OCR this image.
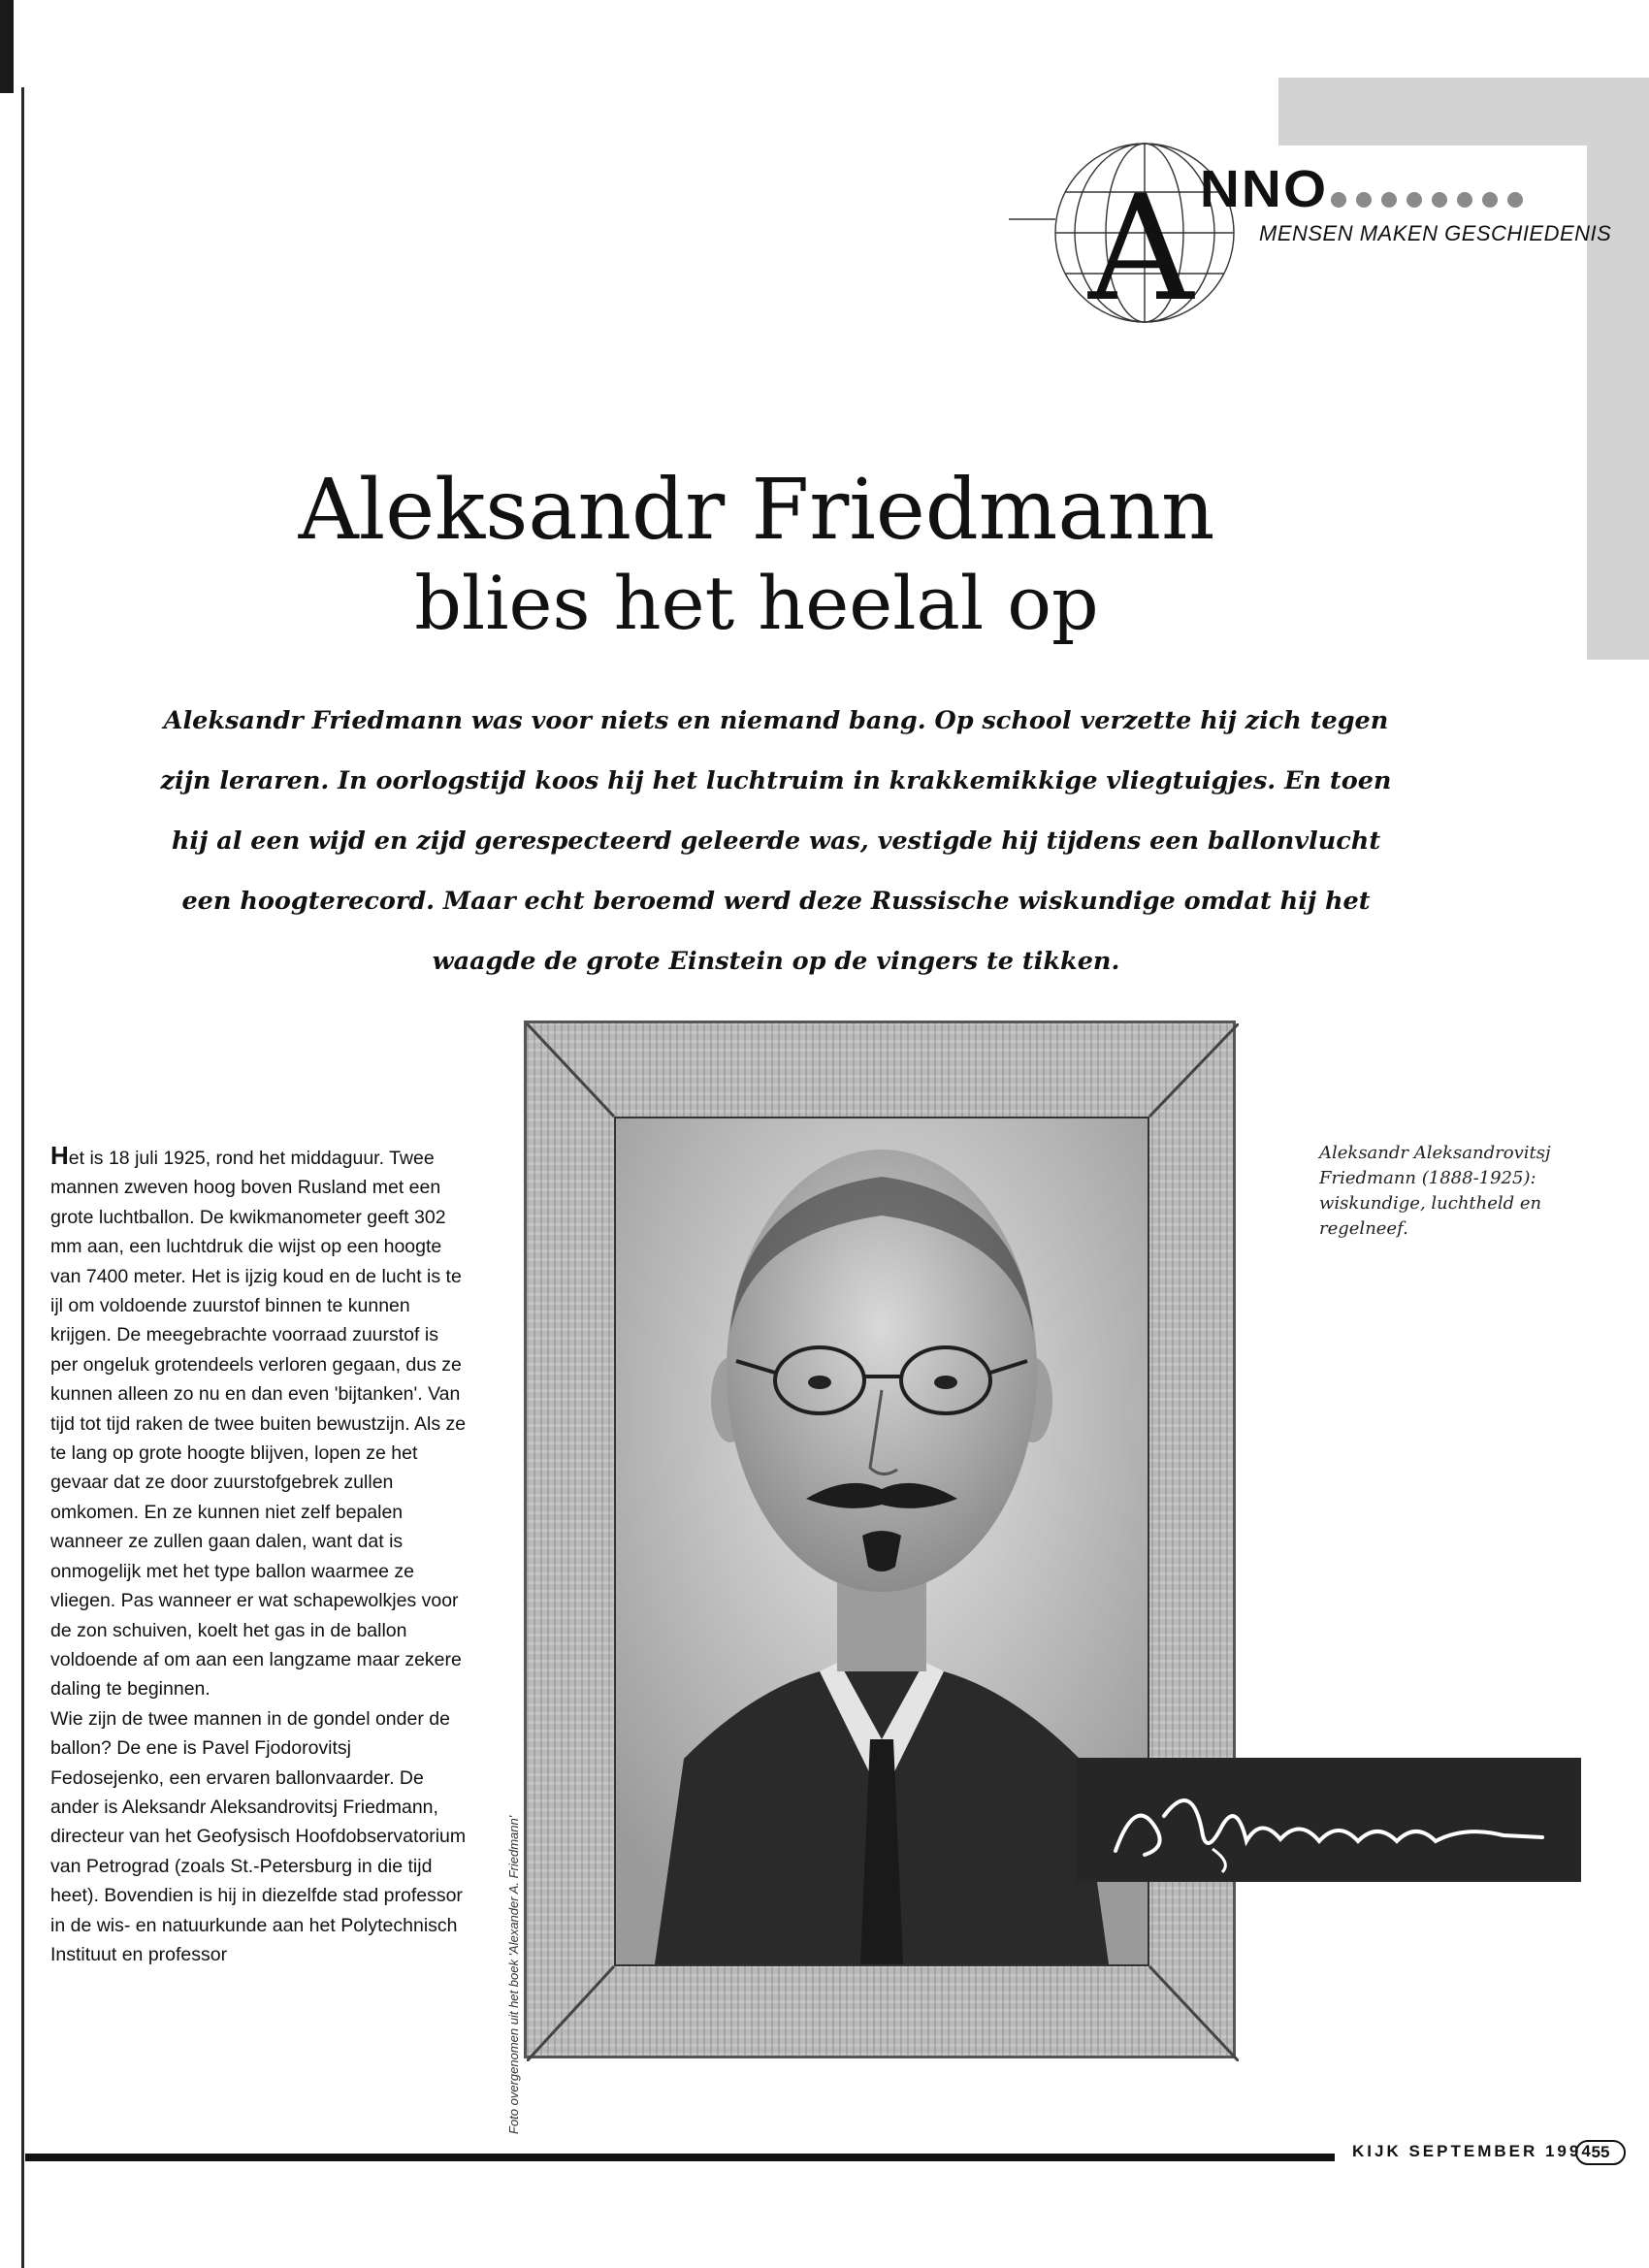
A NNO
MENSEN MAKEN GESCHIEDENIS
Aleksandr Friedmann
blies het heelal op
Aleksandr Friedmann was voor niets en niemand bang. Op school verzette hij zich tegen zijn leraren. In oorlogstijd koos hij het luchtruim in krakkemikkige vliegtuigjes. En toen hij al een wijd en zijd gerespecteerd geleerde was, vestigde hij tijdens een ballonvlucht een hoogterecord. Maar echt beroemd werd deze Russische wiskundige omdat hij het waagde de grote Einstein op de vingers te tikken.

Het is 18 juli 1925, rond het middaguur. Twee mannen zweven hoog boven Rusland met een grote luchtballon. De kwikmanometer geeft 302 mm aan, een luchtdruk die wijst op een hoogte van 7400 meter. Het is ijzig koud en de lucht is te ijl om voldoende zuurstof binnen te kunnen krijgen. De meegebrachte voorraad zuurstof is per ongeluk grotendeels verloren gegaan, dus ze kunnen alleen zo nu en dan even 'bijtanken'. Van tijd tot tijd raken de twee buiten bewustzijn. Als ze te lang op grote hoogte blijven, lopen ze het gevaar dat ze door zuurstofgebrek zullen omkomen. En ze kunnen niet zelf bepalen wanneer ze zullen gaan dalen, want dat is onmogelijk met het type ballon waarmee ze vliegen. Pas wanneer er wat schapewolkjes voor de zon schuiven, koelt het gas in de ballon voldoende af om aan een langzame maar zekere daling te beginnen.

Wie zijn de twee mannen in de gondel onder de ballon? De ene is Pavel Fjodorovitsj Fedosejenko, een ervaren ballonvaarder. De ander is Aleksandr Aleksandrovitsj Friedmann, directeur van het Geofysisch Hoofdobservatorium van Petrograd (zoals St.-Petersburg in die tijd heet). Bovendien is hij in diezelfde stad professor in de wis- en natuurkunde aan het Polytechnisch Instituut en professor	Foto overgenomen uit het boek 'Alexander A. Friedmann'
Aleksandr Aleksandrovitsj Friedmann (1888-1925): wiskundige, luchtheld en regelneef.
KIJK SEPTEMBER 1994
55
